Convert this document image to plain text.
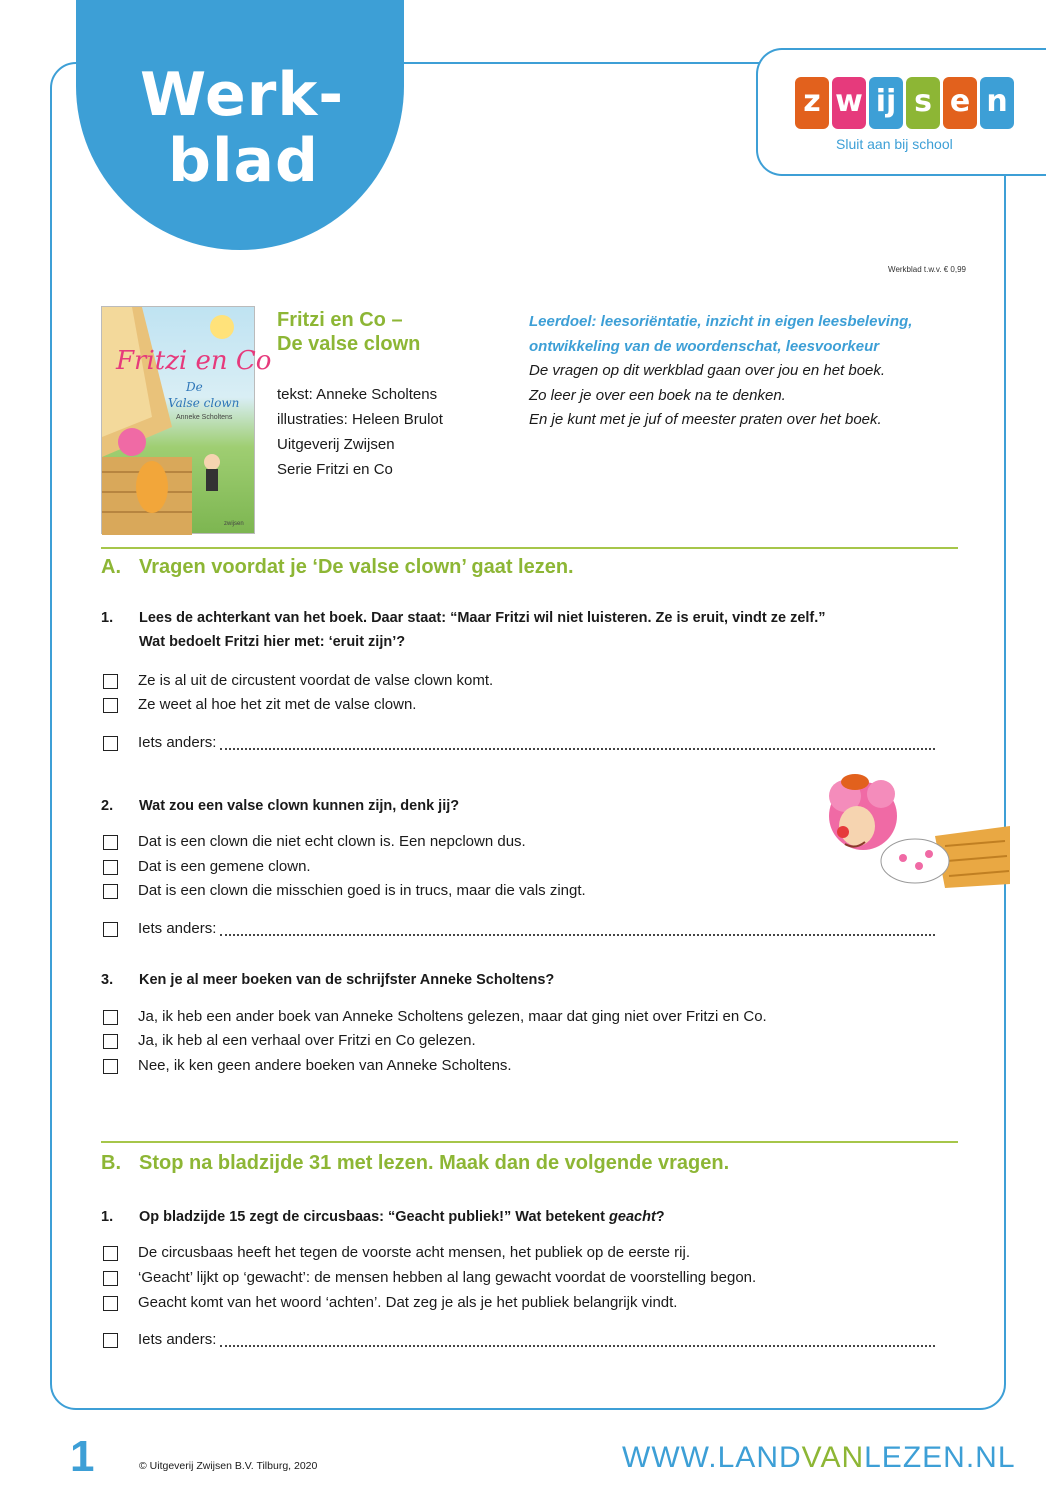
Werk-
blad
z w ij s e n
Sluit aan bij school
Werkblad t.w.v. € 0,99
Fritzi en Co
De
Valse clown
Anneke Scholtens
zwijsen
Fritzi en Co –
De valse clown
tekst: Anneke Scholtens
illustraties: Heleen Brulot
Uitgeverij Zwijsen
Serie Fritzi en Co
Leerdoel: leesoriëntatie, inzicht in eigen leesbeleving,
ontwikkeling van de woordenschat, leesvoorkeur
De vragen op dit werkblad gaan over jou en het boek.
Zo leer je over een boek na te denken.
En je kunt met je juf of meester praten over het boek.
A. Vragen voordat je ‘De valse clown’ gaat lezen.
1. Lees de achterkant van het boek. Daar staat: “Maar Fritzi wil niet luisteren. Ze is eruit, vindt ze zelf.”
Wat bedoelt Fritzi hier met: ‘eruit zijn’?
Ze is al uit de circustent voordat de valse clown komt.
Ze weet al hoe het zit met de valse clown.
Iets anders:
2. Wat zou een valse clown kunnen zijn, denk jij?
Dat is een clown die niet echt clown is. Een nepclown dus.
Dat is een gemene clown.
Dat is een clown die misschien goed is in trucs, maar die vals zingt.
Iets anders:
3. Ken je al meer boeken van de schrijfster Anneke Scholtens?
Ja, ik heb een ander boek van Anneke Scholtens gelezen, maar dat ging niet over Fritzi en Co.
Ja, ik heb al een verhaal over Fritzi en Co gelezen.
Nee, ik ken geen andere boeken van Anneke Scholtens.
B. Stop na bladzijde 31 met lezen. Maak dan de volgende vragen.
1. Op bladzijde 15 zegt de circusbaas: “Geacht publiek!” Wat betekent geacht?
De circusbaas heeft het tegen de voorste acht mensen, het publiek op de eerste rij.
‘Geacht’ lijkt op ‘gewacht’: de mensen hebben al lang gewacht voordat de voorstelling begon.
Geacht komt van het woord ‘achten’. Dat zeg je als je het publiek belangrijk vindt.
Iets anders:
1	© Uitgeverij Zwijsen B.V. Tilburg, 2020	WWW.LANDVANLEZEN.NL
